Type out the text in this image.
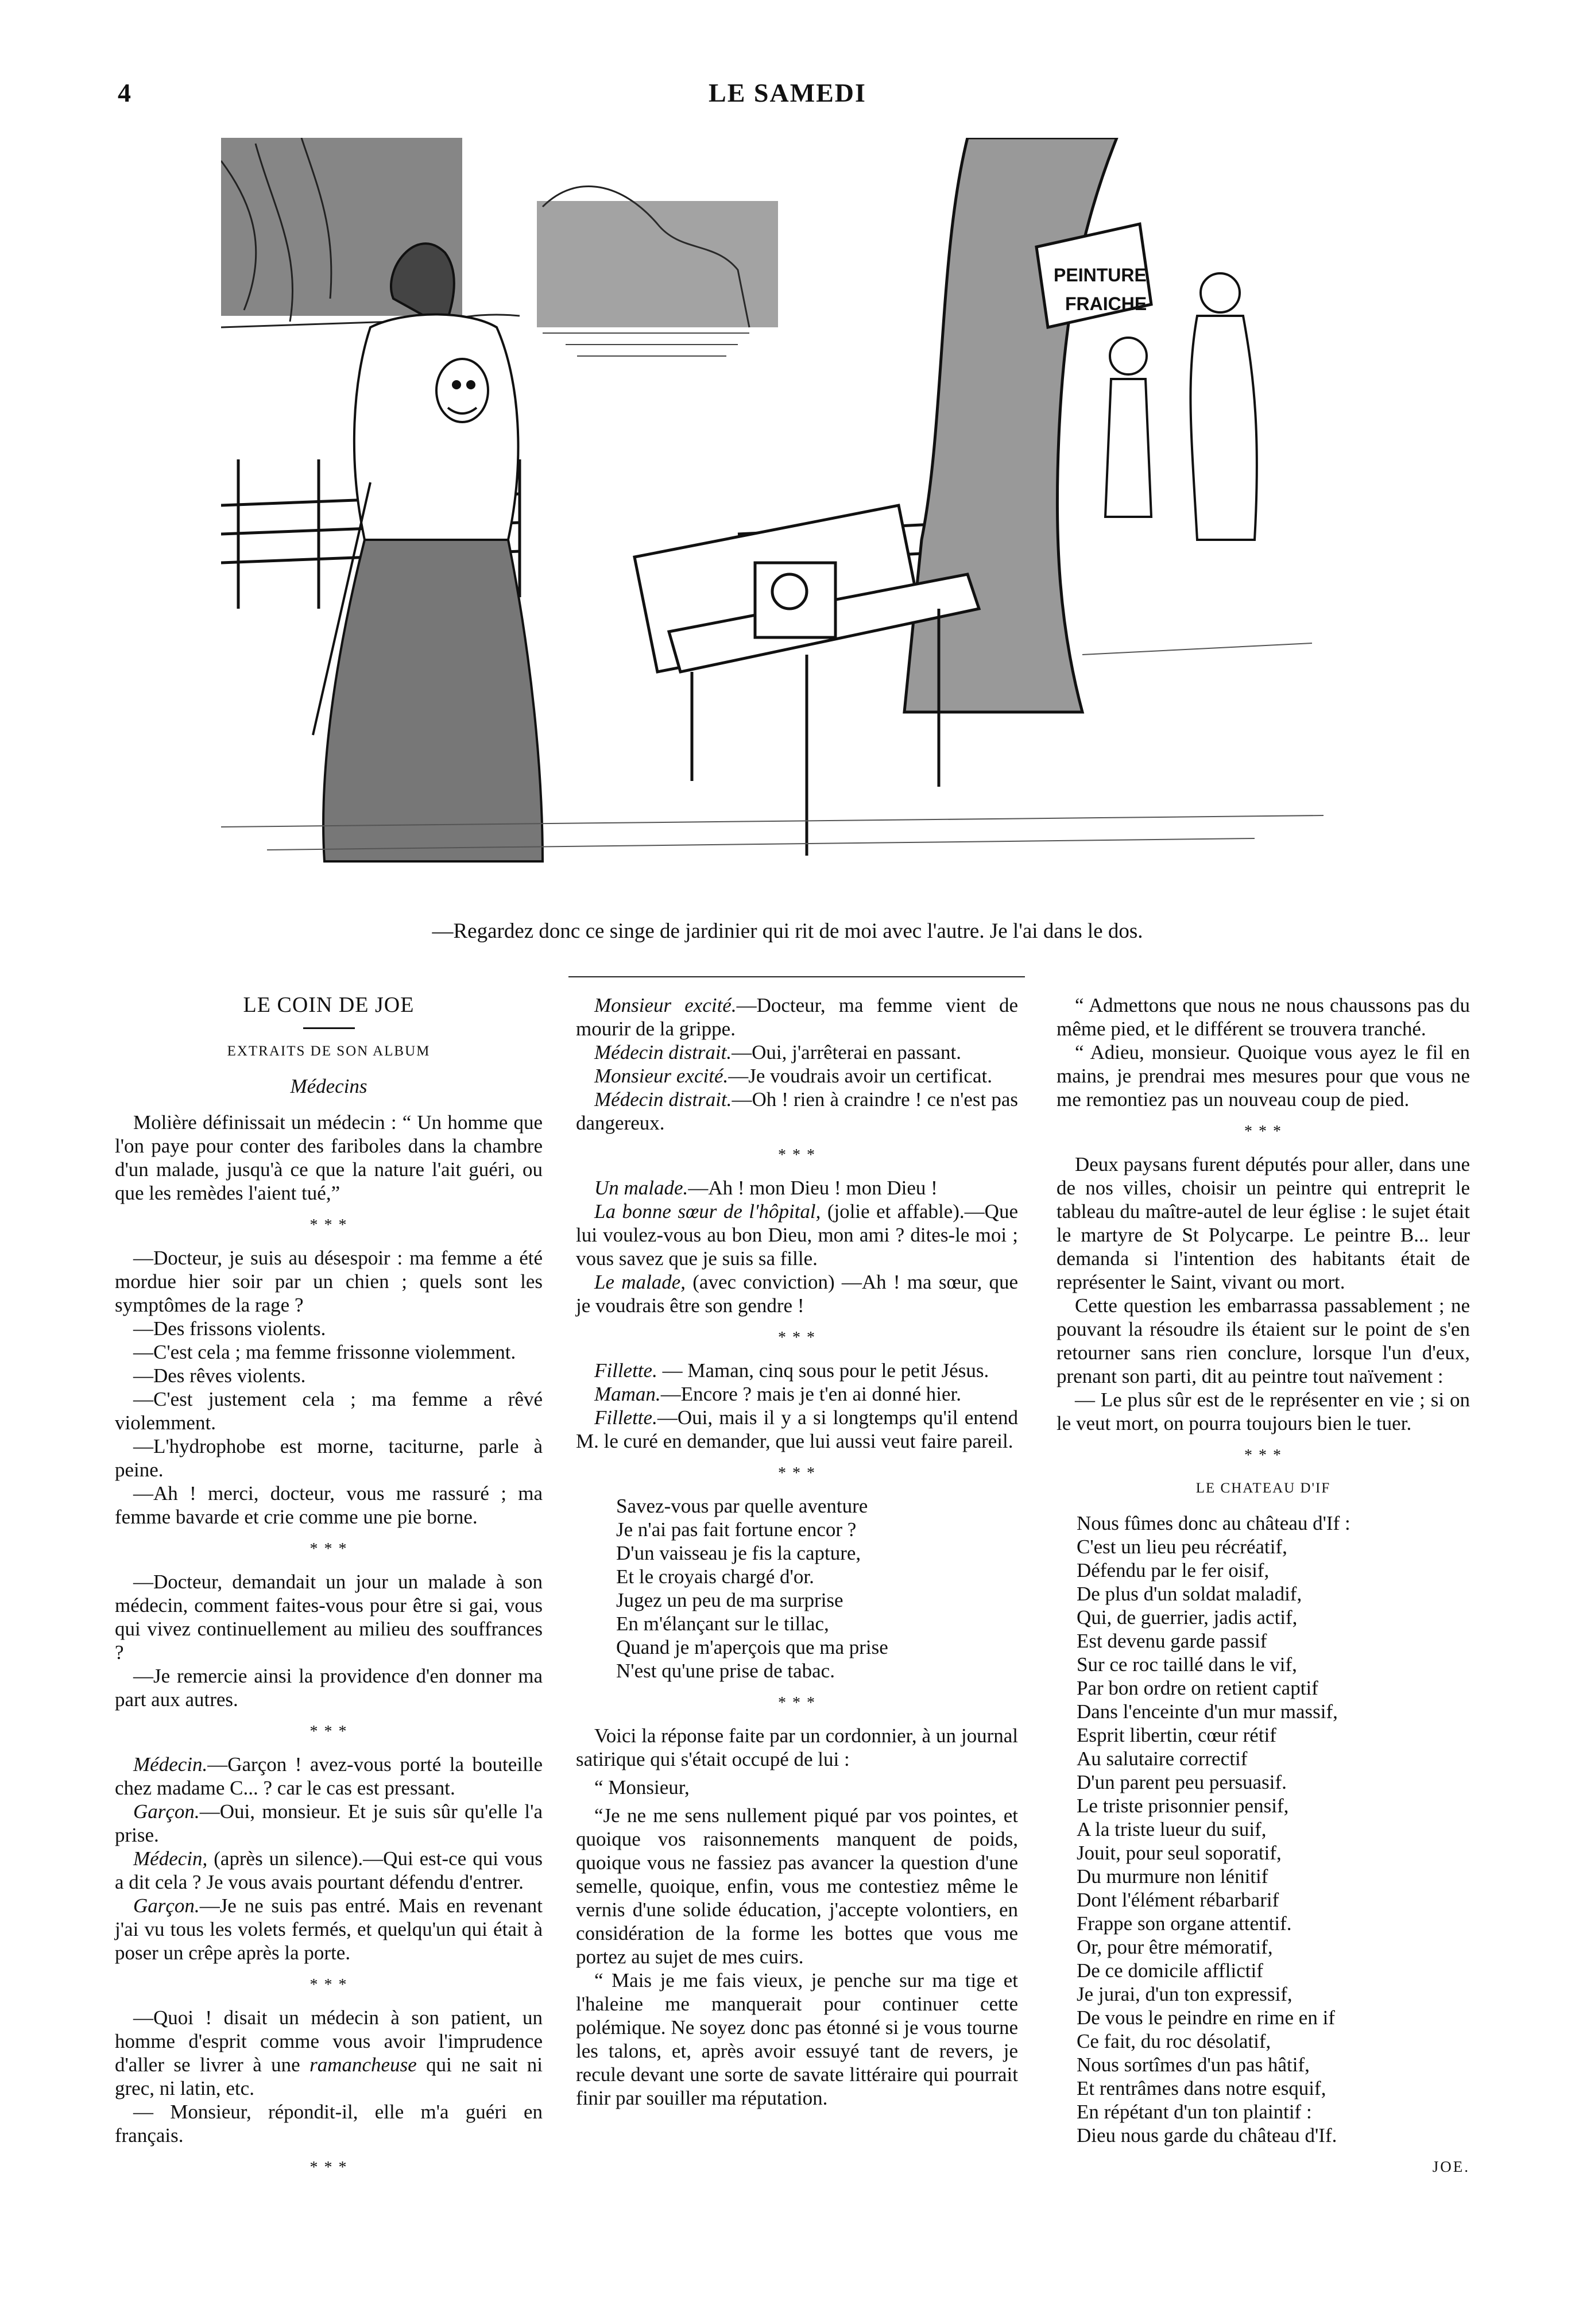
4	LE SAMEDI
PEINTURE
FRAICHE
—Regardez donc ce singe de jardinier qui rit de moi avec l'autre. Je l'ai dans le dos.
LE COIN DE JOE
EXTRAITS DE SON ALBUM
Médecins

Molière définissait un médecin : “ Un homme que l'on paye pour conter des fariboles dans la chambre d'un malade, jusqu'à ce que la nature l'ait guéri, ou que les remèdes l'aient tué,”

* * *

—Docteur, je suis au désespoir : ma femme a été mordue hier soir par un chien ; quels sont les symptômes de la rage ?

—Des frissons violents.

—C'est cela ; ma femme frissonne violemment.

—Des rêves violents.

—C'est justement cela ; ma femme a rêvé violemment.

—L'hydrophobe est morne, taciturne, parle à peine.

—Ah ! merci, docteur, vous me rassuré ; ma femme bavarde et crie comme une pie borne.

* * *

—Docteur, demandait un jour un malade à son médecin, comment faites-vous pour être si gai, vous qui vivez continuellement au milieu des souffrances ?

—Je remercie ainsi la providence d'en donner ma part aux autres.

* * *

Médecin.—Garçon ! avez-vous porté la bouteille chez madame C... ? car le cas est pressant.

Garçon.—Oui, monsieur. Et je suis sûr qu'elle l'a prise.

Médecin, (après un silence).—Qui est-ce qui vous a dit cela ? Je vous avais pourtant défendu d'entrer.

Garçon.—Je ne suis pas entré. Mais en revenant j'ai vu tous les volets fermés, et quelqu'un qui était à poser un crêpe après la porte.

* * *

—Quoi ! disait un médecin à son patient, un homme d'esprit comme vous avoir l'imprudence d'aller se livrer à une ramancheuse qui ne sait ni grec, ni latin, etc.

— Monsieur, répondit-il, elle m'a guéri en français.

* * *

Monsieur excité.—Docteur, ma femme vient de mourir de la grippe.

Médecin distrait.—Oui, j'arrêterai en passant.

Monsieur excité.—Je voudrais avoir un certificat.

Médecin distrait.—Oh ! rien à craindre ! ce n'est pas dangereux.

* * *

Un malade.—Ah ! mon Dieu ! mon Dieu !

La bonne sœur de l'hôpital, (jolie et affable).—Que lui voulez-vous au bon Dieu, mon ami ? dites-le moi ; vous savez que je suis sa fille.

Le malade, (avec conviction) —Ah ! ma sœur, que je voudrais être son gendre !

* * *

Fillette. — Maman, cinq sous pour le petit Jésus.

Maman.—Encore ? mais je t'en ai donné hier.

Fillette.—Oui, mais il y a si longtemps qu'il entend M. le curé en demander, que lui aussi veut faire pareil.

* * *
Savez-vous par quelle aventure
Je n'ai pas fait fortune encor ?
D'un vaisseau je fis la capture,
Et le croyais chargé d'or.
Jugez un peu de ma surprise
En m'élançant sur le tillac,
Quand je m'aperçois que ma prise
N'est qu'une prise de tabac.
* * *

Voici la réponse faite par un cordonnier, à un journal satirique qui s'était occupé de lui :

“ Monsieur,

“Je ne me sens nullement piqué par vos pointes, et quoique vos raisonnements manquent de poids, quoique vous ne fassiez pas avancer la question d'une semelle, quoique, enfin, vous me contestiez même le vernis d'une solide éducation, j'accepte volontiers, en considération de la forme les bottes que vous me portez au sujet de mes cuirs.

“ Mais je me fais vieux, je penche sur ma tige et l'haleine me manquerait pour continuer cette polémique. Ne soyez donc pas étonné si je vous tourne les talons, et, après avoir essuyé tant de revers, je recule devant une sorte de savate littéraire qui pourrait finir par souiller ma réputation.

“ Admettons que nous ne nous chaussons pas du même pied, et le différent se trouvera tranché.

“ Adieu, monsieur. Quoique vous ayez le fil en mains, je prendrai mes mesures pour que vous ne me remontiez pas un nouveau coup de pied.

* * *

Deux paysans furent députés pour aller, dans une de nos villes, choisir un peintre qui entreprit le tableau du maître-autel de leur église : le sujet était le martyre de St Polycarpe. Le peintre B... leur demanda si l'intention des habitants était de représenter le Saint, vivant ou mort.

Cette question les embarrassa passablement ; ne pouvant la résoudre ils étaient sur le point de s'en retourner sans rien conclure, lorsque l'un d'eux, prenant son parti, dit au peintre tout naïvement :

— Le plus sûr est de le représenter en vie ; si on le veut mort, on pourra toujours bien le tuer.

* * *
LE CHATEAU D'IF
Nous fûmes donc au château d'If :
C'est un lieu peu récréatif,
Défendu par le fer oisif,
De plus d'un soldat maladif,
Qui, de guerrier, jadis actif,
Est devenu garde passif
Sur ce roc taillé dans le vif,
Par bon ordre on retient captif
Dans l'enceinte d'un mur massif,
Esprit libertin, cœur rétif
Au salutaire correctif
D'un parent peu persuasif.
Le triste prisonnier pensif,
A la triste lueur du suif,
Jouit, pour seul soporatif,
Du murmure non lénitif
Dont l'élément rébarbarif
Frappe son organe attentif.
Or, pour être mémoratif,
De ce domicile afflictif
Je jurai, d'un ton expressif,
De vous le peindre en rime en if
Ce fait, du roc désolatif,
Nous sortîmes d'un pas hâtif,
Et rentrâmes dans notre esquif,
En répétant d'un ton plaintif :
Dieu nous garde du château d'If.
JOE.
